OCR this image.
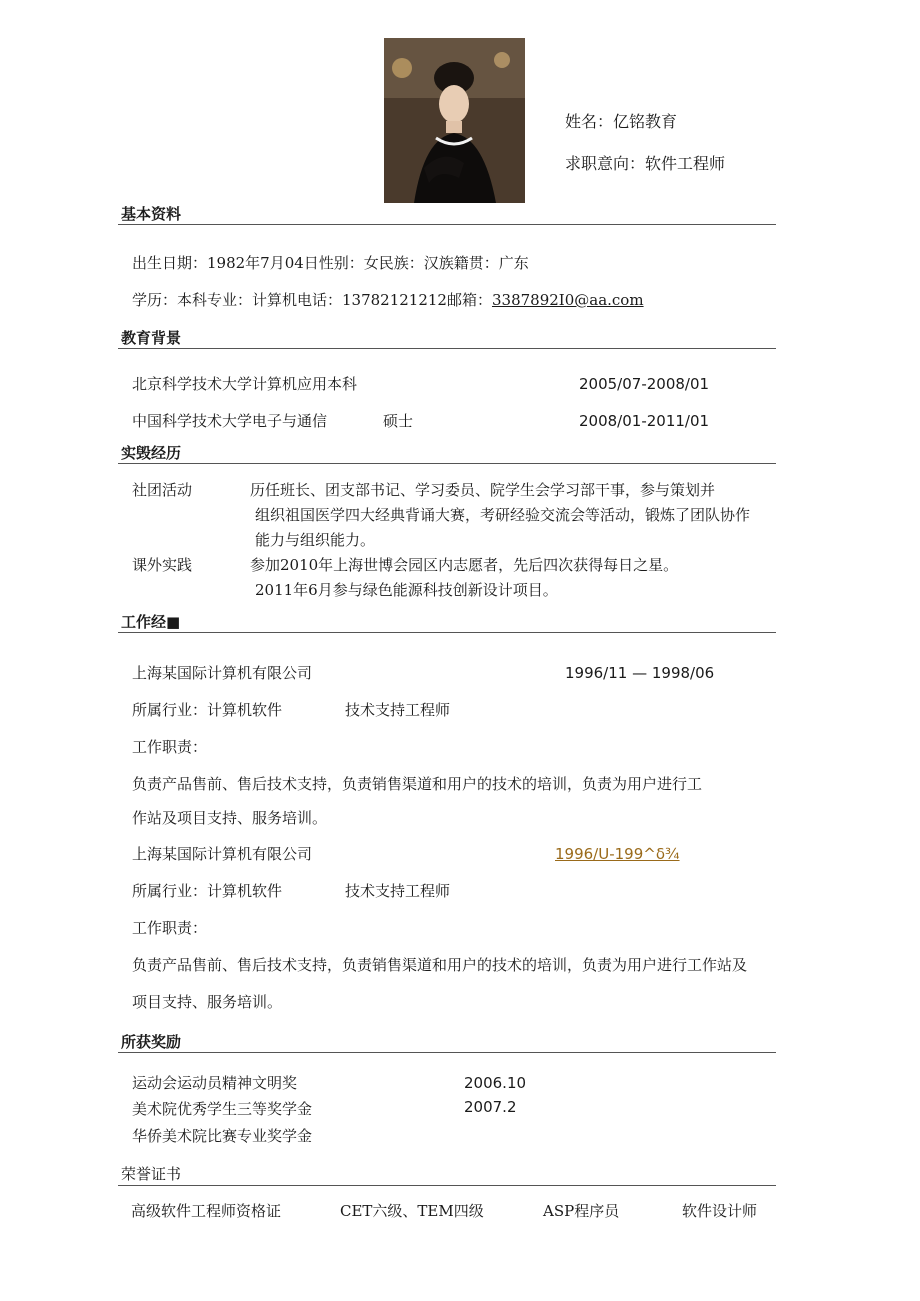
姓名：亿铭教育
求职意向：软件工程师
基本资料
出生日期：1982年7月04日性别：女民族：汉族籍贯：广东
学历：本科专业：计算机电话：13782121212邮箱：3387892I0@aa.com
教育背景
北京科学技术大学计算机应用本科	2005/07-2008/01
中国科学技术大学电子与通信	硕士	2008/01-2011/01
实毁经历
社团活动	历任班长、团支部书记、学习委员、院学生会学习部干事，参与策划并
组织祖国医学四大经典背诵大赛，考研经验交流会等活动，锻炼了团队协作
能力与组织能力。
课外实践	参加2010年上海世博会园区内志愿者，先后四次获得每日之星。
2011年6月参与绿色能源科技创新设计项目。
工作经■
上海某国际计算机有限公司	1996/11 — 1998/06
所属行业：计算机软件	技术支持工程师
工作职责：
负责产品售前、售后技术支持，负责销售渠道和用户的技术的培训，负责为用户进行工
作站及项目支持、服务培训。
上海某国际计算机有限公司	1996∕U-199^δ¾
所属行业：计算机软件	技术支持工程师
工作职责：
负责产品售前、售后技术支持，负责销售渠道和用户的技术的培训，负责为用户进行工作站及
项目支持、服务培训。
所获奖励
运动会运动员精神文明奖	2006.10
美术院优秀学生三等奖学金	2007.2
华侨美术院比赛专业奖学金
荣誉证书
高级软件工程师资格证	CET六级、TEM四级	ASP程序员	软件设计师
